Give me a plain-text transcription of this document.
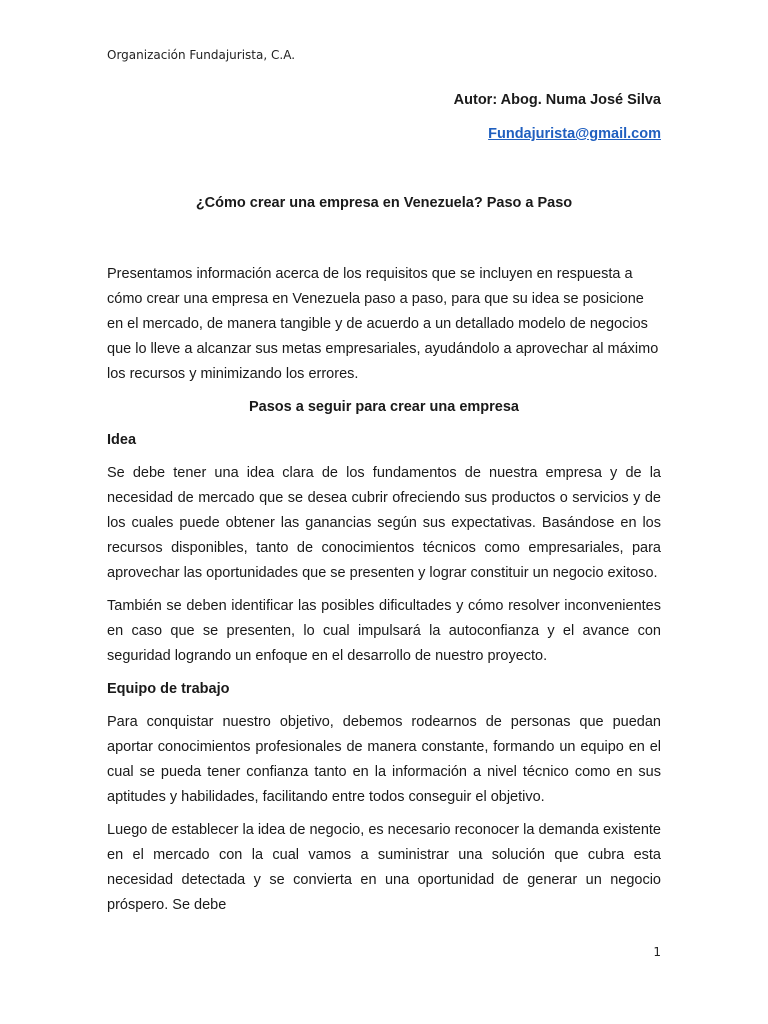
Organización Fundajurista, C.A.
Autor: Abog. Numa José Silva
Fundajurista@gmail.com
¿Cómo crear una empresa en Venezuela? Paso a Paso

Presentamos información acerca de los requisitos que se incluyen en respuesta a cómo crear una empresa en Venezuela paso a paso, para que su idea se posicione en el mercado, de manera tangible y de acuerdo a un detallado modelo de negocios que lo lleve a alcanzar sus metas empresariales, ayudándolo a aprovechar al máximo los recursos y minimizando los errores.

Pasos a seguir para crear una empresa
Idea

Se debe tener una idea clara de los fundamentos de nuestra empresa y de la necesidad de mercado que se desea cubrir ofreciendo sus productos o servicios y de los cuales puede obtener las ganancias según sus expectativas. Basándose en los recursos disponibles, tanto de conocimientos técnicos como empresariales, para aprovechar las oportunidades que se presenten y lograr constituir un negocio exitoso.

También se deben identificar las posibles dificultades y cómo resolver inconvenientes en caso que se presenten, lo cual impulsará la autoconfianza y el avance con seguridad logrando un enfoque en el desarrollo de nuestro proyecto.

Equipo de trabajo

Para conquistar nuestro objetivo, debemos rodearnos de personas que puedan aportar conocimientos profesionales de manera constante, formando un equipo en el cual se pueda tener confianza tanto en la información a nivel técnico como en sus aptitudes y habilidades, facilitando entre todos conseguir el objetivo.

Luego de establecer la idea de negocio, es necesario reconocer la demanda existente en el mercado con la cual vamos a suministrar una solución que cubra esta necesidad detectada y se convierta en una oportunidad de generar un negocio próspero. Se debe

1
